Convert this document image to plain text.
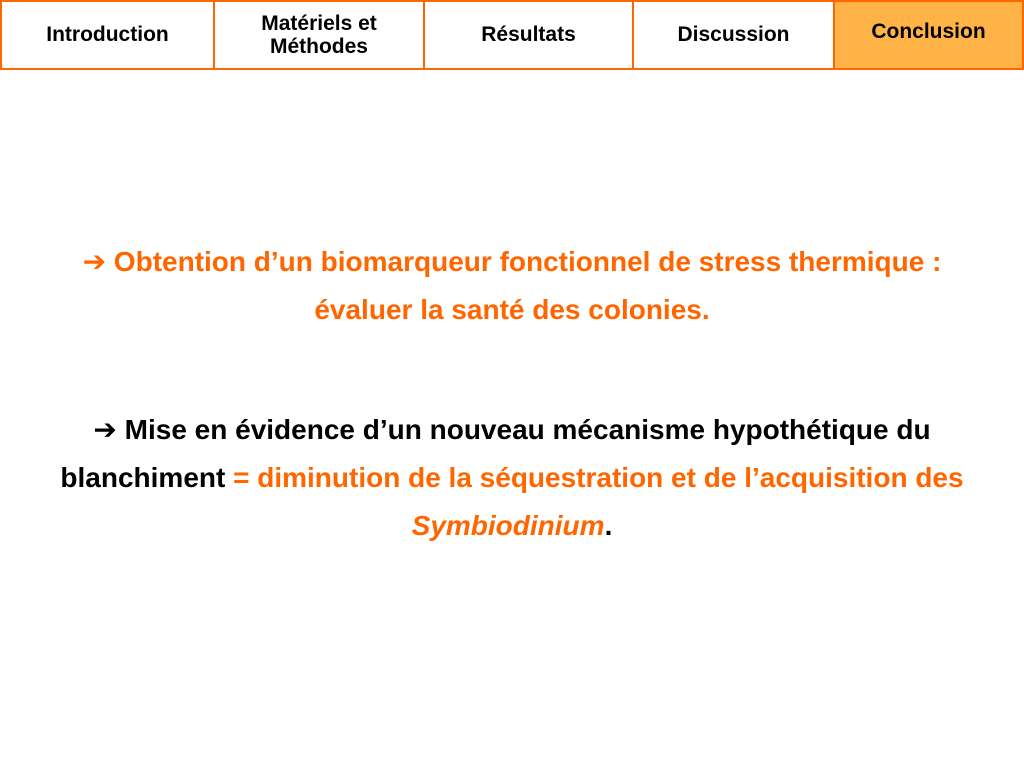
Introduction
Matériels et Méthodes
Résultats	Discussion	Conclusion
➔ Obtention d’un biomarqueur fonctionnel de stress thermique : évaluer la santé des colonies.
➔ Mise en évidence d’un nouveau mécanisme hypothétique du blanchiment = diminution de la séquestration et de l’acquisition des Symbiodinium.
